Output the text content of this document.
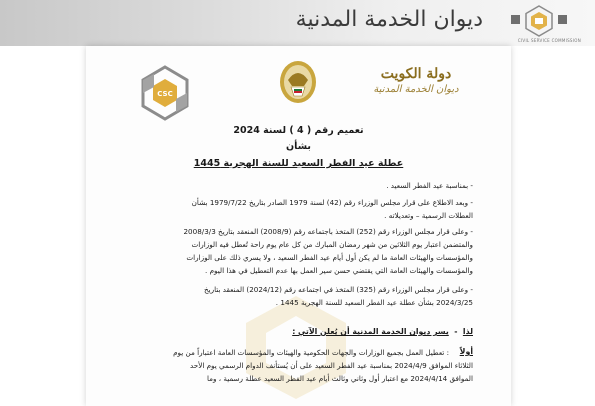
ديوان الخدمة المدنية
CIVIL SERVICE COMMISSION
CSC
دولة الكويت
ديوان الخدمة المدنية
تعميم رقم ( 4 ) لسنة 2024
بشأن
عطلة عيد الفطر السعيد للسنة الهجرية 1445
- بمناسبة عيد الفطر السعيد .
- وبعد الاطلاع على قرار مجلس الوزراء رقم (42) لسنة 1979 الصادر بتاريخ 1979/7/22 بشأن
العطلات الرسمية – وتعديلاته .
- وعلى قرار مجلس الوزراء رقم (252) المتخذ باجتماعه رقم (2008/9) المنعقد بتاريخ 2008/3/3
والمتضمن اعتبار يوم الثلاثين من شهر رمضان المبارك من كل عام يوم راحة تُعطل فيه الوزارات
والمؤسسات والهيئات العامة ما لم يكن أول أيام عيد الفطر السعيد ، ولا يسري ذلك على الوزارات
والمؤسسات والهيئات العامة التي يقتضي حسن سير العمل بها عدم التعطيل في هذا اليوم .
- وعلى قرار مجلس الوزراء رقم (325) المتخذ في اجتماعه رقم (2024/12) المنعقد بتاريخ
2024/3/25 بشأن عطلة عيد الفطر السعيد للسنة الهجرية 1445 .
لذا  -  يسر ديوان الخدمة المدنية أن يُعلن الآتي :
أولاً
: تعطيل العمل بجميع الوزارات والجهات الحكومية والهيئات والمؤسسات العامة اعتباراً من يوم
الثلاثاء الموافق 2024/4/9 بمناسبة عيد الفطر السعيد على أن يُستأنف الدوام الرسمي يوم الأحد
الموافق 2024/4/14 مع اعتبار أول وثاني وثالث أيام عيد الفطر السعيد عطلة رسمية ، وما
